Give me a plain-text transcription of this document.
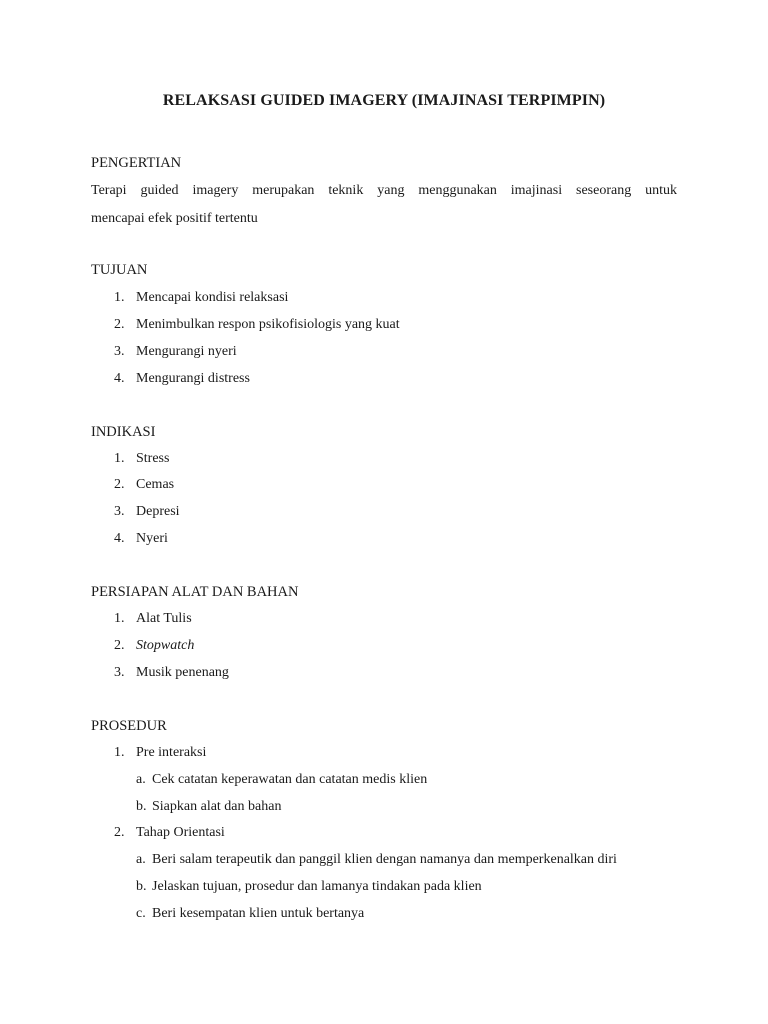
RELAKSASI GUIDED IMAGERY (IMAJINASI TERPIMPIN)
PENGERTIAN
Terapi guided imagery merupakan teknik yang menggunakan imajinasi seseorang untuk
mencapai efek positif tertentu
TUJUAN
1. Mencapai kondisi relaksasi
2. Menimbulkan respon psikofisiologis yang kuat
3. Mengurangi nyeri
4. Mengurangi distress
INDIKASI
1. Stress
2. Cemas
3. Depresi
4. Nyeri
PERSIAPAN ALAT DAN BAHAN
1. Alat Tulis
2. Stopwatch
3. Musik penenang
PROSEDUR
1. Pre interaksi
a. Cek catatan keperawatan dan catatan medis klien
b. Siapkan alat dan bahan
2. Tahap Orientasi
a. Beri salam terapeutik dan panggil klien dengan namanya dan memperkenalkan diri
b. Jelaskan tujuan, prosedur dan lamanya tindakan pada klien
c. Beri kesempatan klien untuk bertanya
